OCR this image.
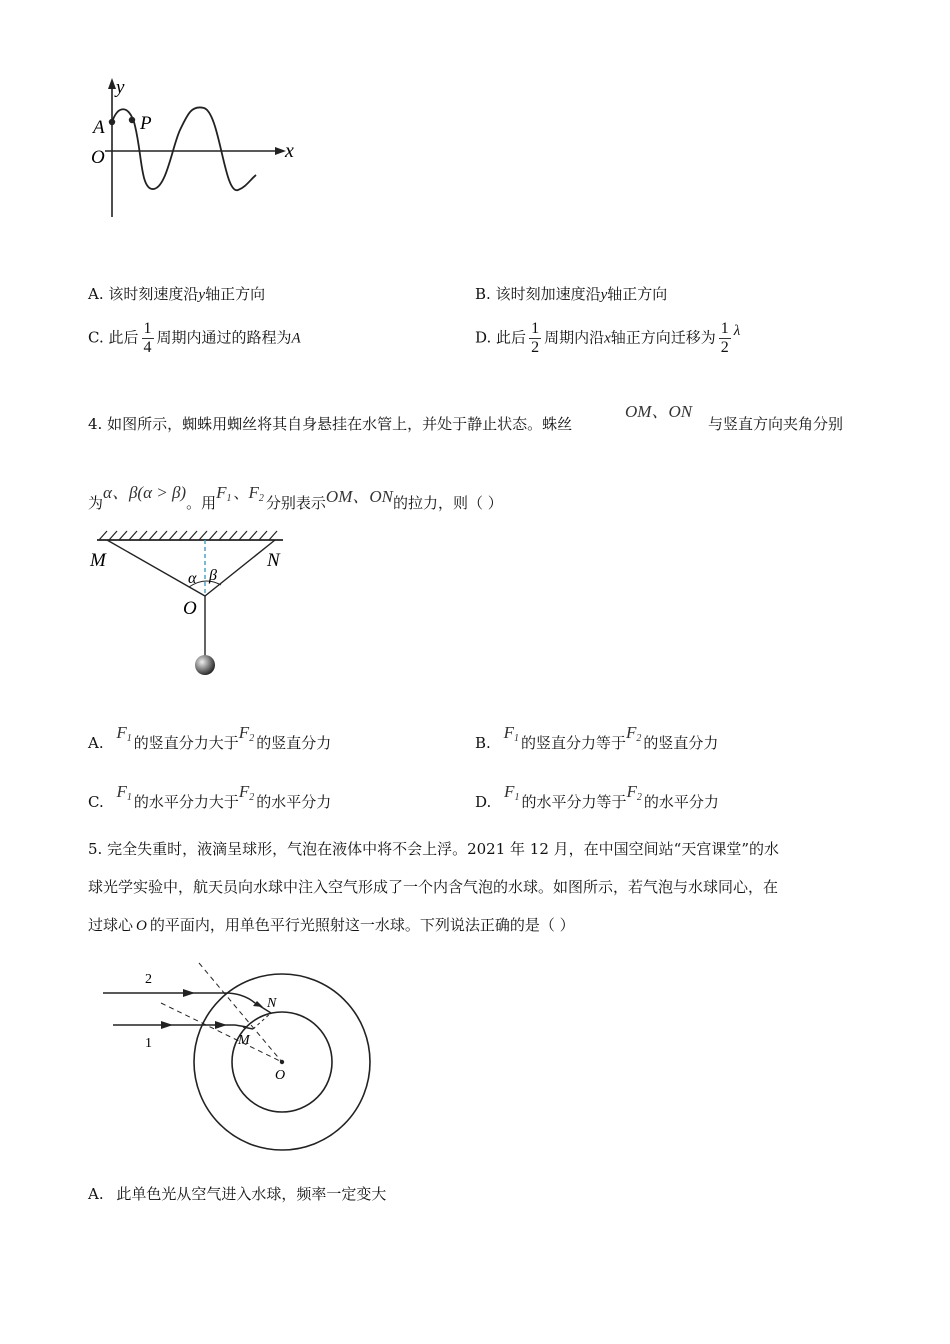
y
x
O
A P
A. 该时刻速度沿y轴正方向	B. 该时刻加速度沿y轴正方向
C. 此后 $\frac{1}{4}$ 周期内通过的路程为A	D. 此后 $\frac{1}{2}$ 周期内沿x轴正方向迁移为 $\frac{1}{2}$ λ
4. 如图所示，蜘蛛用蜘丝将其自身悬挂在水管上，并处于静止状态。蛛丝
OM、ON
与竖直方向夹角分别
为α、β(α > β)。用$F_1$ 、$F_2$ 分别表示OM、ON的拉力，则（ ）
M	N
O
α β
A. $F_1$ 的竖直分力大于$F_2$ 的竖直分力	B. $F_1$ 的竖直分力等于$F_2$ 的竖直分力
C. $F_1$ 的水平分力大于$F_2$ 的水平分力	D. $F_1$ 的水平分力等于$F_2$ 的水平分力
5. 完全失重时，液滴呈球形，气泡在液体中将不会上浮。2021 年 12 月，在中国空间站“天宫课堂”的水
球光学实验中，航天员向水球中注入空气形成了一个内含气泡的水球。如图所示，若气泡与水球同心，在
过球心 O 的平面内，用单色平行光照射这一水球。下列说法正确的是（ ）
2
1
N
M
O
A. 此单色光从空气进入水球，频率一定变大
